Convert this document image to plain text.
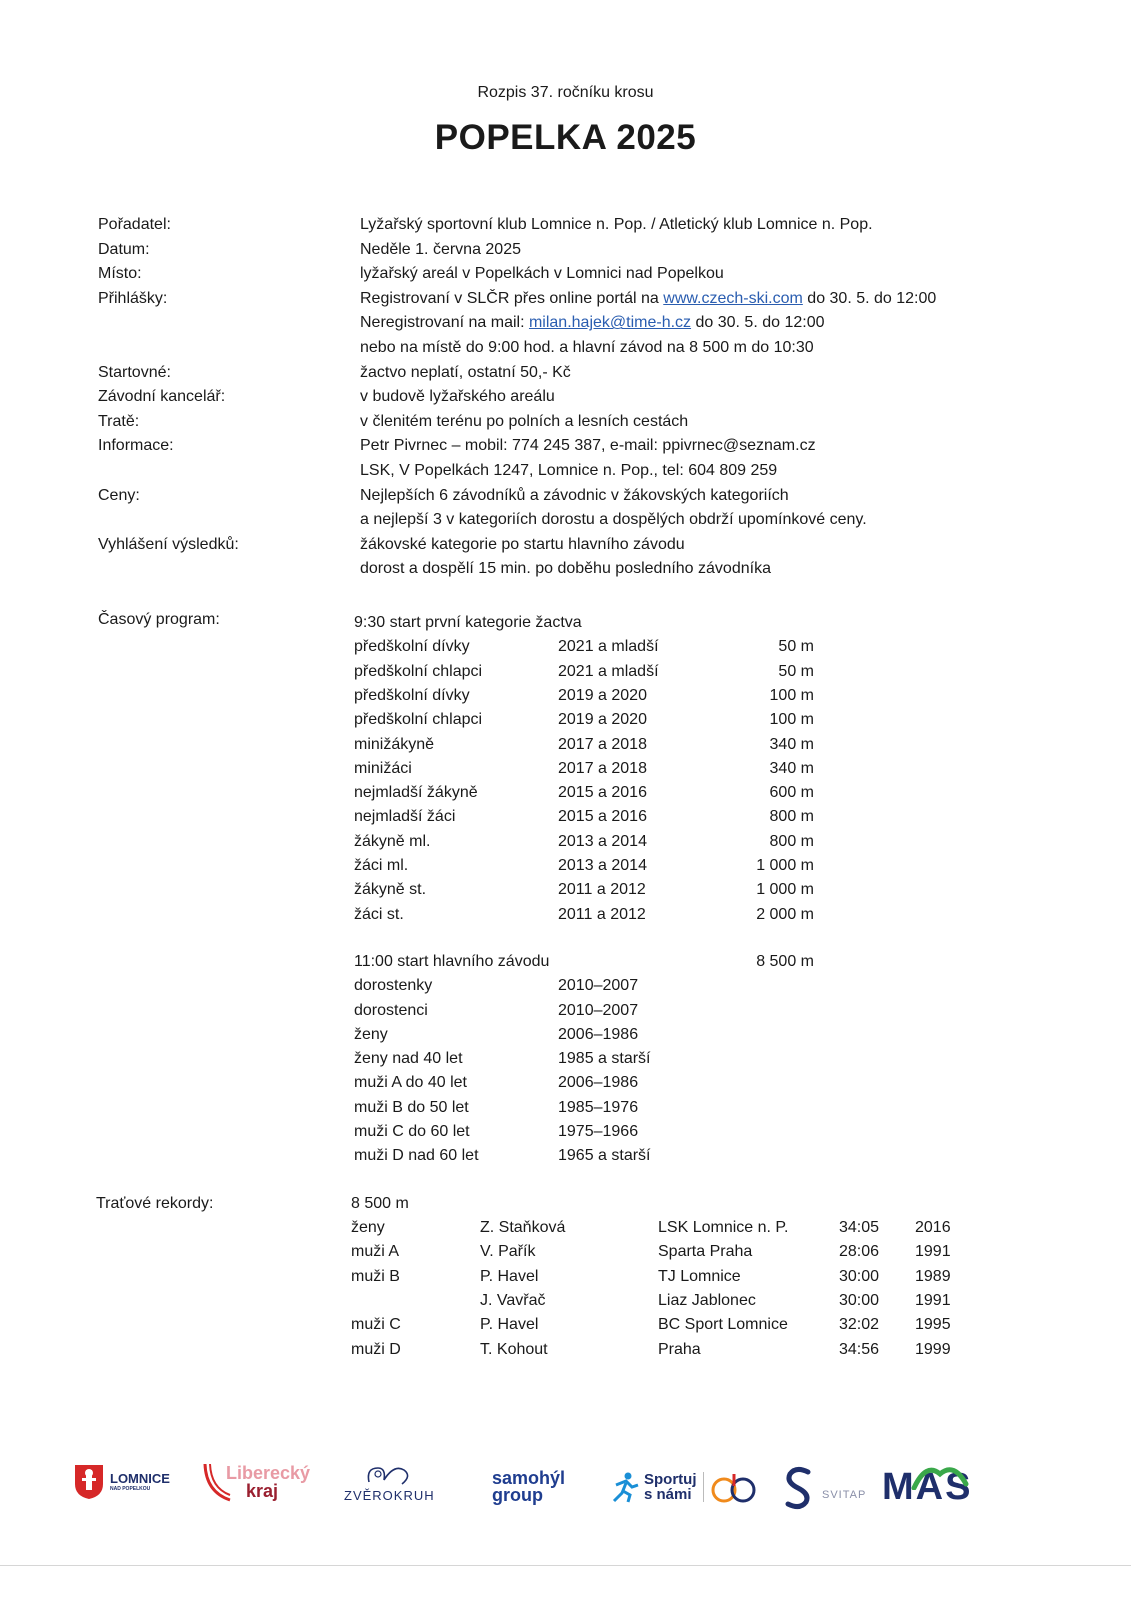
Rozpis 37. ročníku krosu
POPELKA 2025
Pořadatel:	Lyžařský sportovní klub Lomnice n. Pop. / Atletický klub Lomnice n. Pop.
Datum:	Neděle 1. června 2025
Místo:	lyžařský areál v Popelkách v Lomnici nad Popelkou
Přihlášky:	Registrovaní v SLČR přes online portál na www.czech-ski.com do 30. 5. do 12:00
Neregistrovaní na mail: milan.hajek@time-h.cz do 30. 5. do 12:00
nebo na místě do 9:00 hod. a hlavní závod na 8 500 m do 10:30
Startovné:	žactvo neplatí, ostatní 50,- Kč
Závodní kancelář:	v budově lyžařského areálu
Tratě:	v členitém terénu po polních a lesních cestách
Informace:	Petr Pivrnec – mobil: 774 245 387, e-mail: ppivrnec@seznam.cz
LSK, V Popelkách 1247, Lomnice n. Pop., tel: 604 809 259
Ceny:	Nejlepších 6 závodníků a závodnic v žákovských kategoriích
a nejlepší 3 v kategoriích dorostu a dospělých obdrží upomínkové ceny.
Vyhlášení výsledků:	žákovské kategorie po startu hlavního závodu
dorost a dospělí 15 min. po doběhu posledního závodníka
Časový program:	9:30 start první kategorie žactva
předškolní dívky	2021 a mladší	50 m
předškolní chlapci	2021 a mladší	50 m
předškolní dívky	2019 a 2020	100 m
předškolní chlapci	2019 a 2020	100 m
minižákyně	2017 a 2018	340 m
minižáci	2017 a 2018	340 m
nejmladší žákyně	2015 a 2016	600 m
nejmladší žáci	2015 a 2016	800 m
žákyně ml.	2013 a 2014	800 m
žáci ml.	2013 a 2014	1 000 m
žákyně st.	2011 a 2012	1 000 m
žáci st.	2011 a 2012	2 000 m
11:00 start hlavního závodu	8 500 m
dorostenky	2010–2007
dorostenci	2010–2007
ženy	2006–1986
ženy nad 40 let	1985 a starší
muži A do 40 let	2006–1986
muži B do 50 let	1985–1976
muži C do 60 let	1975–1966
muži D nad 60 let	1965 a starší
Traťové rekordy:	8 500 m
ženy	Z. Staňková	LSK Lomnice n. P.	34:05 2016
muži A	V. Pařík	Sparta Praha	28:06 1991
muži B	P. Havel	TJ Lomnice	30:00 1989
J. Vavřač	Liaz Jablonec	30:00 1991
muži C	P. Havel	BC Sport Lomnice	32:02 1995
muži D	T. Kohout	Praha	34:56 1999
LOMNICE
NAD POPELKOU
Liberecký
kraj	ZVĚROKRUH
samohýl
group
Sportuj
s námi	SVITAP MAS
